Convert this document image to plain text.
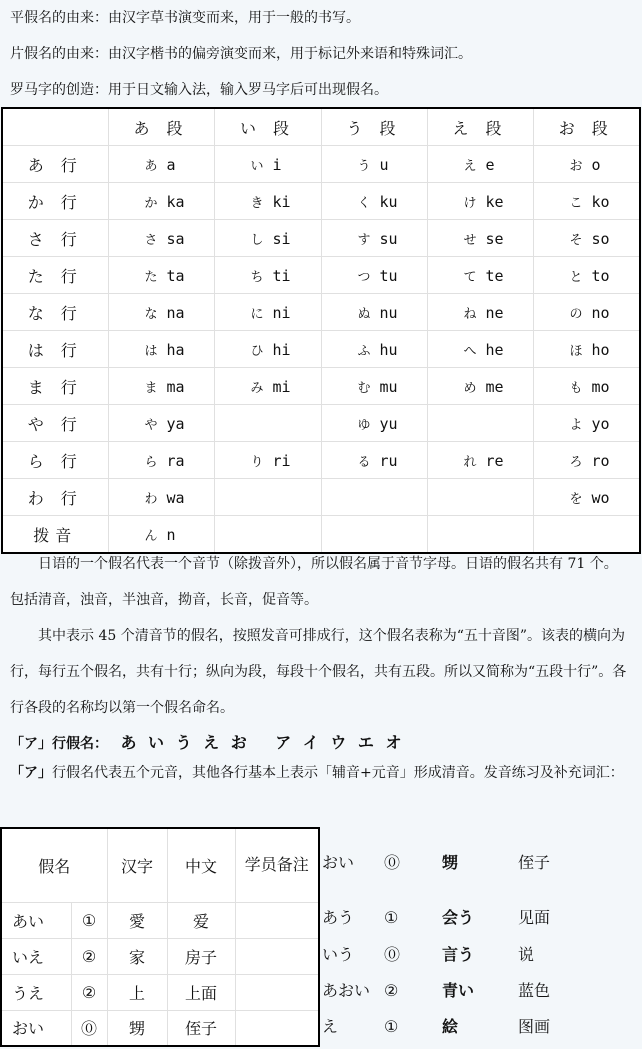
平假名的由来：由汉字草书演变而来，用于一般的书写。
片假名的由来：由汉字楷书的偏旁演变而来，用于标记外来语和特殊词汇。
罗马字的创造：用于日文输入法，输入罗马字后可出现假名。
	あ 段	い 段	う 段	え 段	お 段
あ 行	あ a	い i	う u	え e	お o
か 行	か ka	き ki	く ku	け ke	こ ko
さ 行	さ sa	し si	す su	せ se	そ so
た 行	た ta	ち ti	つ tu	て te	と to
な 行	な na	に ni	ぬ nu	ね ne	の no
は 行	は ha	ひ hi	ふ hu	へ he	ほ ho
ま 行	ま ma	み mi	む mu	め me	も mo
や 行	や ya		ゆ yu		よ yo
ら 行	ら ra	り ri	る ru	れ re	ろ ro
わ 行	わ wa				を wo
拨音	ん n				
日语的一个假名代表一个音节（除拨音外），所以假名属于音节字母。日语的假名共有 71 个。包括清音，浊音，半浊音，拗音，长音，促音等。
其中表示 45 个清音节的假名，按照发音可排成行，这个假名表称为“五十音图”。该表的横向为行，每行五个假名，共有十行；纵向为段，每段十个假名，共有五段。所以又简称为“五段十行”。各行各段的名称均以第一个假名命名。
「ア」行假名： あ い う え お ア イ ウ エ オ
「ア」行假名代表五个元音，其他各行基本上表示「辅音+元音」形成清音。发音练习及补充词汇：
假名		汉字	中文	学员备注
あい	①	愛	爱	
いえ	②	家	房子	
うえ	②	上	上面	
おい	⓪	甥	侄子	
おい ⓪	甥	侄子
あう ①	会う	见面
いう ⓪	言う	说
あおい ②	青い	蓝色
え	①	絵	图画
